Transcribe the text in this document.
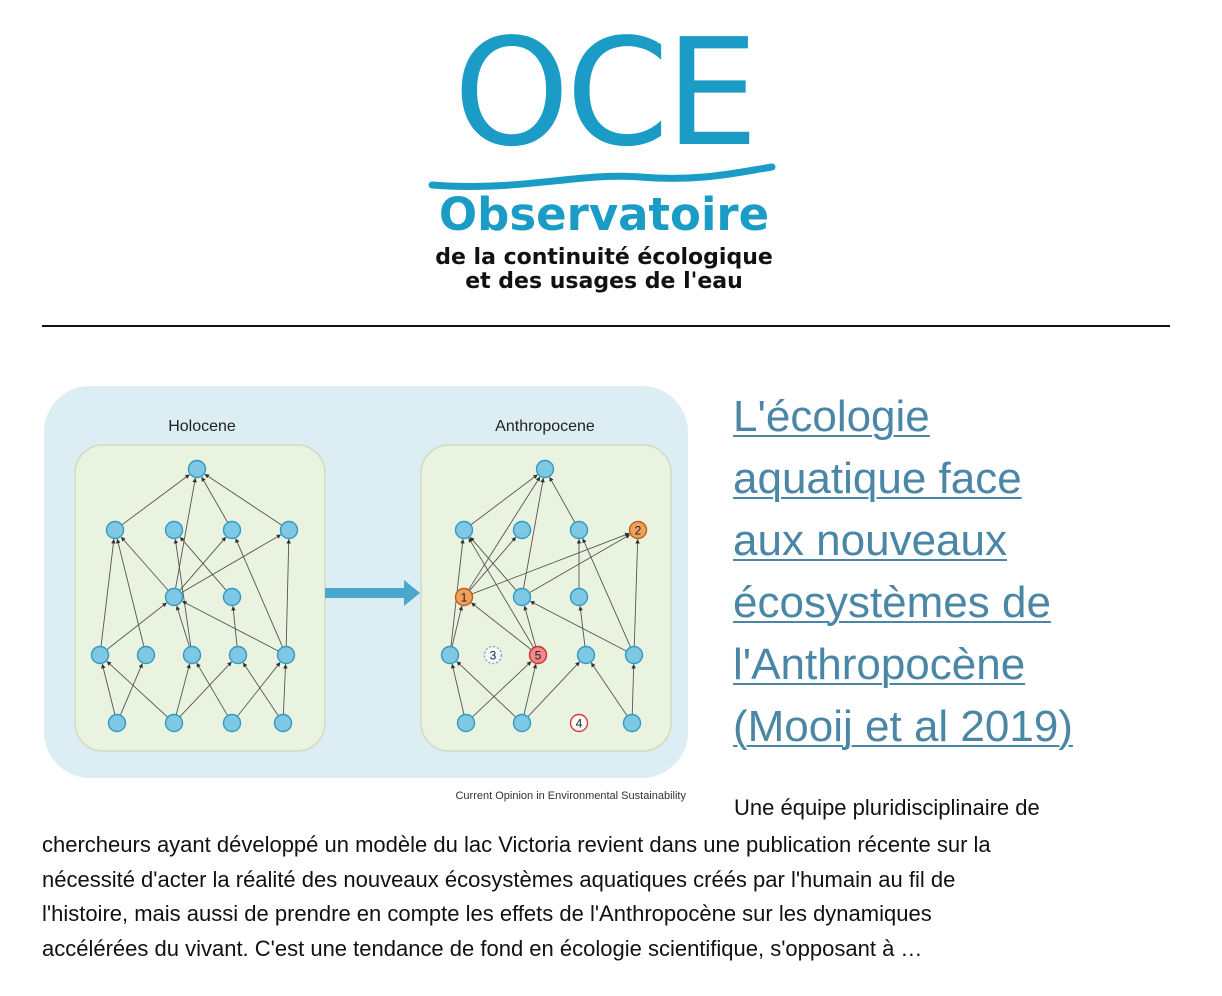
OCE
Observatoire
de la continuité écologique
et des usages de l'eau
Holocene	Anthropocene
2
1
3	5
4
Current Opinion in Environmental Sustainability
L'écologie
aquatique face
aux nouveaux
écosystèmes de
l'Anthropocène
(Mooij et al 2019)
Une équipe pluridisciplinaire de

chercheurs ayant développé un modèle du lac Victoria revient dans une publication récente sur la
nécessité d'acter la réalité des nouveaux écosystèmes aquatiques créés par l'humain au fil de
l'histoire, mais aussi de prendre en compte les effets de l'Anthropocène sur les dynamiques
accélérées du vivant. C'est une tendance de fond en écologie scientifique, s'opposant à …
